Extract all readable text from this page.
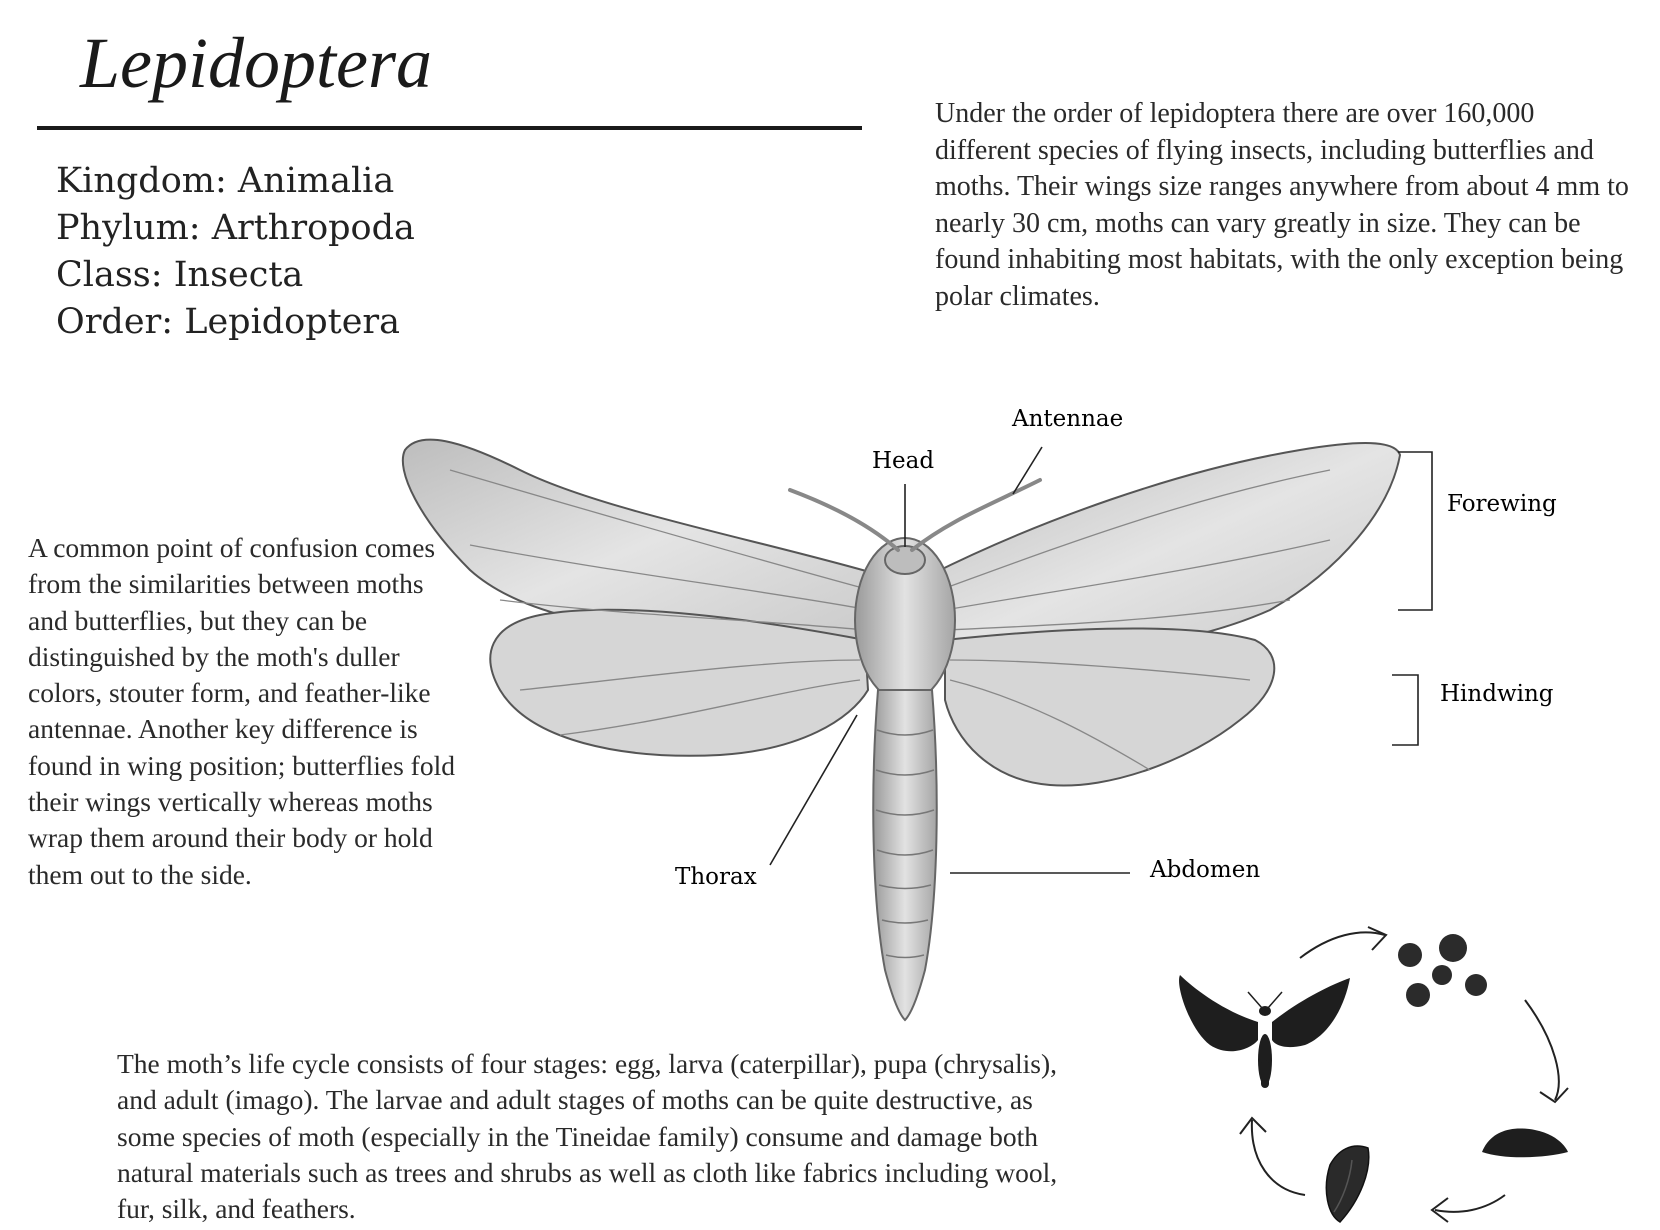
Lepidoptera
Kingdom: Animalia
Phylum: Arthropoda
Class: Insecta
Order: Lepidoptera
Under the order of lepidoptera there are over 160,000 different species of flying insects, including butterflies and moths. Their wings size ranges anywhere from about 4 mm to nearly 30 cm, moths can vary greatly in size. They can be found inhabiting most habitats, with the only exception being polar climates.
A common point of confusion comes from the similarities between moths and butterflies, but they can be distinguished by the moth's duller colors, stouter form, and feather-like antennae. Another key difference is found in wing position; butterflies fold their wings vertically whereas moths wrap them around their body or hold them out to the side.
The moth’s life cycle consists of four stages: egg, larva (caterpillar), pupa (chrysalis), and adult (imago). The larvae and adult stages of moths can be quite destructive, as some species of moth (especially in the Tineidae family) consume and damage both natural materials such as trees and shrubs as well as cloth like fabrics including wool, fur, silk, and feathers.
Antennae
Head
Forewing
Hindwing
Thorax	Abdomen
